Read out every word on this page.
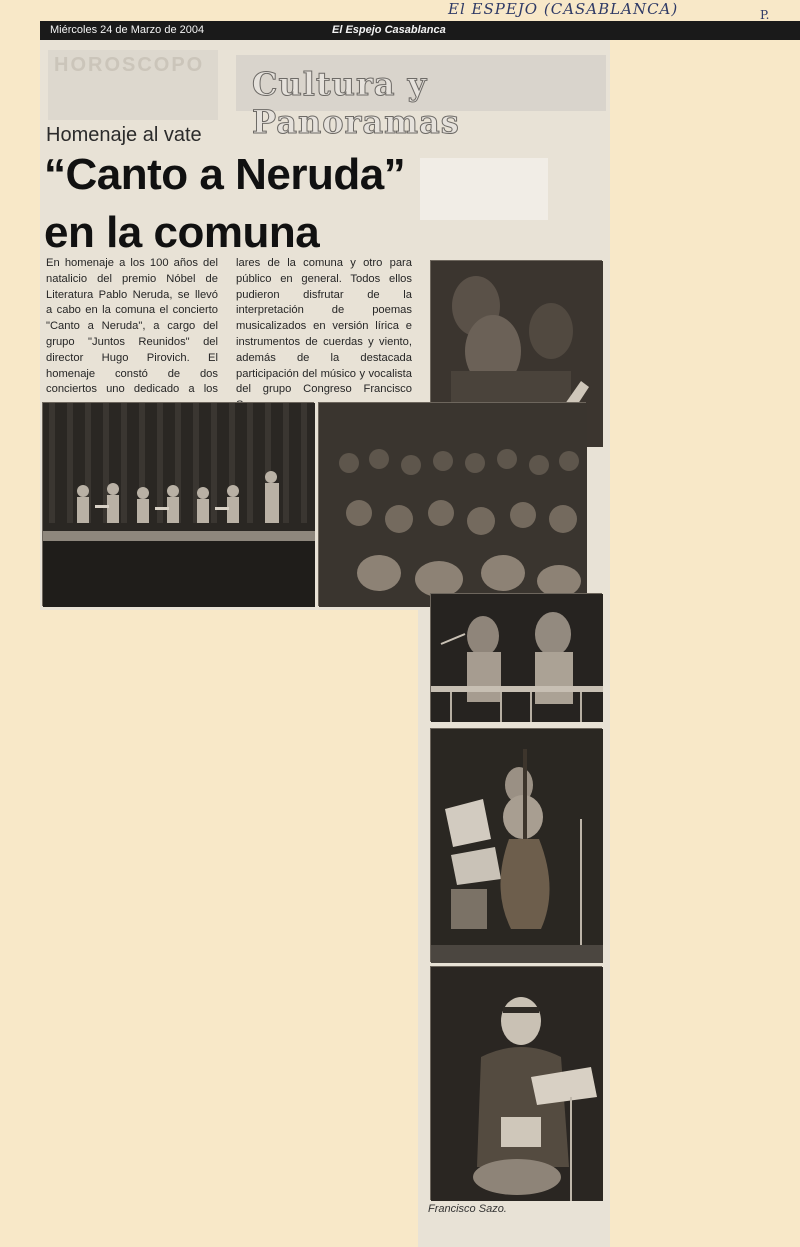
Miércoles 24 de Marzo de 2004	El Espejo Casablanca
El ESPEJO (CASABLANCA)	P.
HOROSCOPO Cultura y Panoramas
Homenaje al vate
“Canto a Neruda”
en la comuna
En homenaje a los 100 años del natalicio del premio Nóbel de Literatura Pablo Neruda, se llevó a cabo en la comuna el concierto "Canto a Neruda", a cargo del grupo "Juntos Reunidos" del director Hugo Pirovich. El homenaje constó de dos conciertos uno dedicado a los
lares de la comuna y otro para público en general. Todos ellos pudieron disfrutar de la interpretación de poemas musicalizados en versión lírica e instrumentos de cuerdas y viento, además de la destacada participación del músico y vocalista del grupo Congreso Francisco
Francisco Sazo.
